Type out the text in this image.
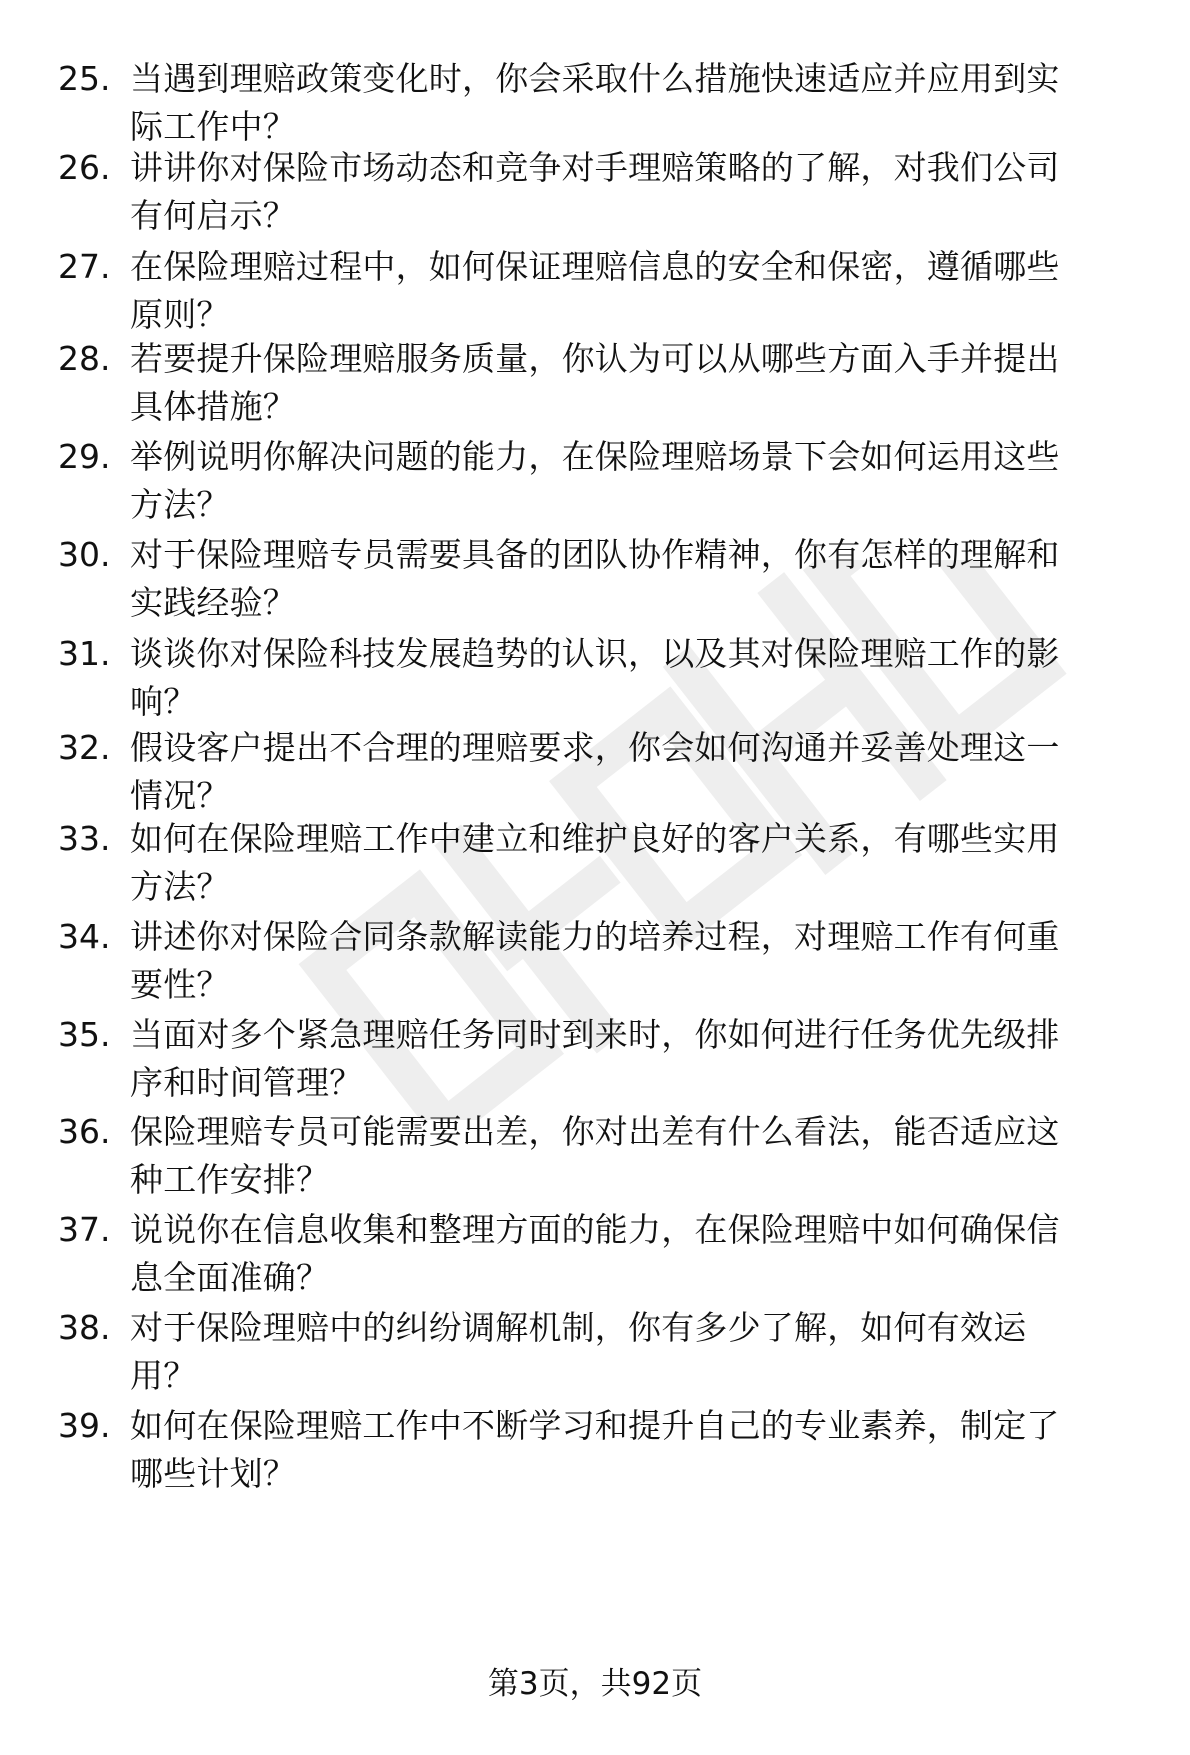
25. 当遇到理赔政策变化时，你会采取什么措施快速适应并应用到实
际工作中？
26. 讲讲你对保险市场动态和竞争对手理赔策略的了解，对我们公司
有何启示？
27. 在保险理赔过程中，如何保证理赔信息的安全和保密，遵循哪些
原则？
28. 若要提升保险理赔服务质量，你认为可以从哪些方面入手并提出
具体措施？
29. 举例说明你解决问题的能力，在保险理赔场景下会如何运用这些
方法？
30. 对于保险理赔专员需要具备的团队协作精神，你有怎样的理解和
实践经验？
31. 谈谈你对保险科技发展趋势的认识，以及其对保险理赔工作的影
响？
32. 假设客户提出不合理的理赔要求，你会如何沟通并妥善处理这一
情况？
33. 如何在保险理赔工作中建立和维护良好的客户关系，有哪些实用
方法？
34. 讲述你对保险合同条款解读能力的培养过程，对理赔工作有何重
要性？
35. 当面对多个紧急理赔任务同时到来时，你如何进行任务优先级排
序和时间管理？
36. 保险理赔专员可能需要出差，你对出差有什么看法，能否适应这
种工作安排？
37. 说说你在信息收集和整理方面的能力，在保险理赔中如何确保信
息全面准确？
38. 对于保险理赔中的纠纷调解机制，你有多少了解，如何有效运
用？
39. 如何在保险理赔工作中不断学习和提升自己的专业素养，制定了
哪些计划？
第3页，共92页
